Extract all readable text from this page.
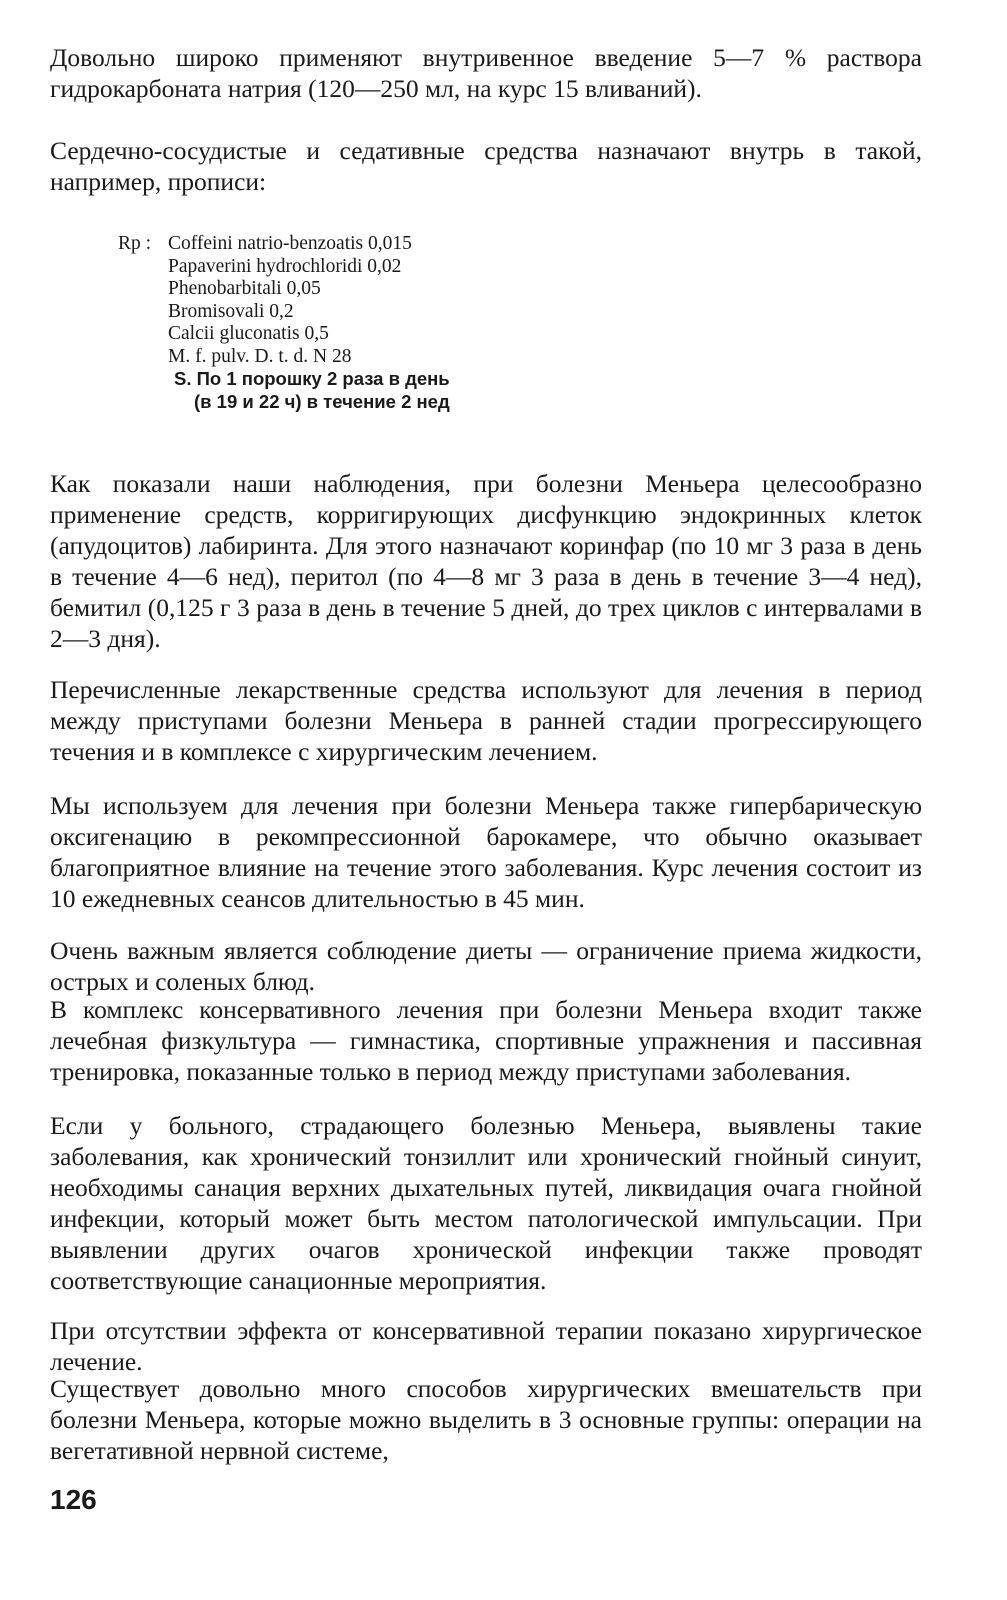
Довольно широко применяют внутривенное введение 5—7 % раствора гидрокарбоната натрия (120—250 мл, на курс 15 вливаний).

Сердечно-сосудистые и седативные средства назначают внутрь в такой, например, прописи:

Rp : Coffeini natrio-benzoatis 0,015
Papaverini hydrochloridi 0,02
Phenobarbitali 0,05
Bromisovali 0,2
Calcii gluconatis 0,5
M. f. pulv. D. t. d. N 28
S. По 1 порошку 2 раза в день
(в 19 и 22 ч) в течение 2 нед

Как показали наши наблюдения, при болезни Меньера целесообразно применение средств, корригирующих дисфункцию эндокринных клеток (апудоцитов) лабиринта. Для этого назначают коринфар (по 10 мг 3 раза в день в течение 4—6 нед), перитол (по 4—8 мг 3 раза в день в течение 3—4 нед), бемитил (0,125 г 3 раза в день в течение 5 дней, до трех циклов с интервалами в 2—3 дня).

Перечисленные лекарственные средства используют для лечения в период между приступами болезни Меньера в ранней стадии прогрессирующего течения и в комплексе с хирургическим лечением.

Мы используем для лечения при болезни Меньера также гипербарическую оксигенацию в рекомпрессионной барокамере, что обычно оказывает благоприятное влияние на течение этого заболевания. Курс лечения состоит из 10 ежедневных сеансов длительностью в 45 мин.

Очень важным является соблюдение диеты — ограничение приема жидкости, острых и соленых блюд.

В комплекс консервативного лечения при болезни Меньера входит также лечебная физкультура — гимнастика, спортивные упражнения и пассивная тренировка, показанные только в период между приступами заболевания.

Если у больного, страдающего болезнью Меньера, выявлены такие заболевания, как хронический тонзиллит или хронический гнойный синуит, необходимы санация верхних дыхательных путей, ликвидация очага гнойной инфекции, который может быть местом патологической импульсации. При выявлении других очагов хронической инфекции также проводят соответствующие санационные мероприятия.

При отсутствии эффекта от консервативной терапии показано хирургическое лечение.

Существует довольно много способов хирургических вмешательств при болезни Меньера, которые можно выделить в 3 основные группы: операции на вегетативной нервной системе,

126
